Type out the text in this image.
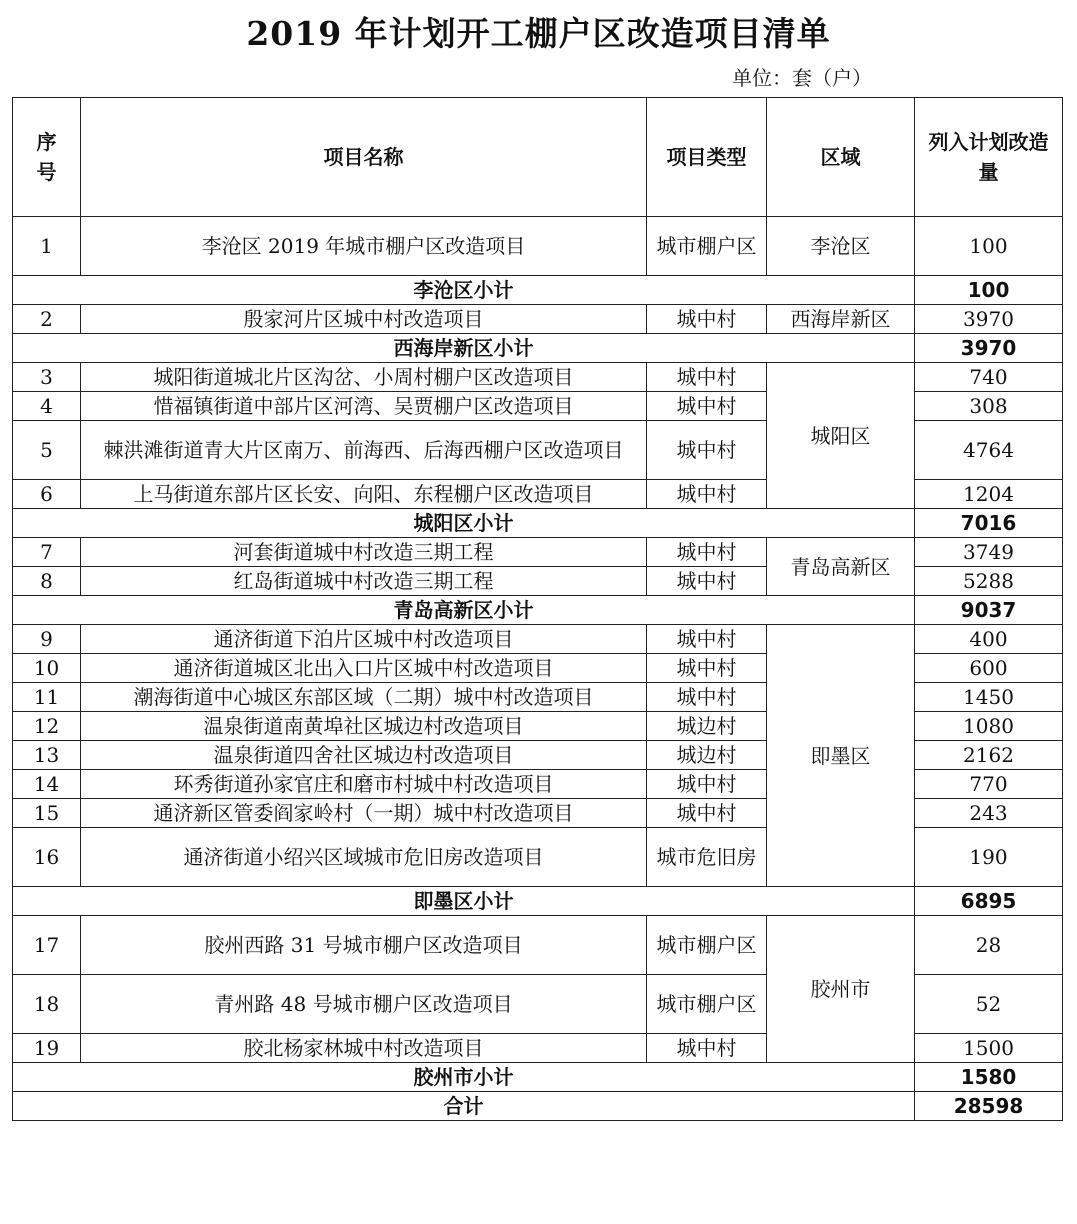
2019 年计划开工棚户区改造项目清单
单位：套（户）
序号	项目名称	项目类型	区域	列入计划改造量
1	李沧区 2019 年城市棚户区改造项目	城市棚户区	李沧区	100
李沧区小计				100
2	殷家河片区城中村改造项目	城中村	西海岸新区	3970
西海岸新区小计				3970
3	城阳街道城北片区沟岔、小周村棚户区改造项目	城中村	城阳区	740
4	惜福镇街道中部片区河湾、吴贾棚户区改造项目	城中村		308
5	棘洪滩街道青大片区南万、前海西、后海西棚户区改造项目	城中村		4764
6	上马街道东部片区长安、向阳、东程棚户区改造项目	城中村		1204
城阳区小计				7016
7	河套街道城中村改造三期工程	城中村	青岛高新区	3749
8	红岛街道城中村改造三期工程	城中村		5288
青岛高新区小计				9037
9	通济街道下泊片区城中村改造项目	城中村	即墨区	400
10	通济街道城区北出入口片区城中村改造项目	城中村		600
11	潮海街道中心城区东部区域（二期）城中村改造项目	城中村		1450
12	温泉街道南黄埠社区城边村改造项目	城边村		1080
13	温泉街道四舍社区城边村改造项目	城边村		2162
14	环秀街道孙家官庄和磨市村城中村改造项目	城中村		770
15	通济新区管委阎家岭村（一期）城中村改造项目	城中村		243
16	通济街道小绍兴区域城市危旧房改造项目	城市危旧房		190
即墨区小计				6895
17	胶州西路 31 号城市棚户区改造项目	城市棚户区	胶州市	28
18	青州路 48 号城市棚户区改造项目	城市棚户区		52
19	胶北杨家林城中村改造项目	城中村		1500
胶州市小计				1580
合计				28598
